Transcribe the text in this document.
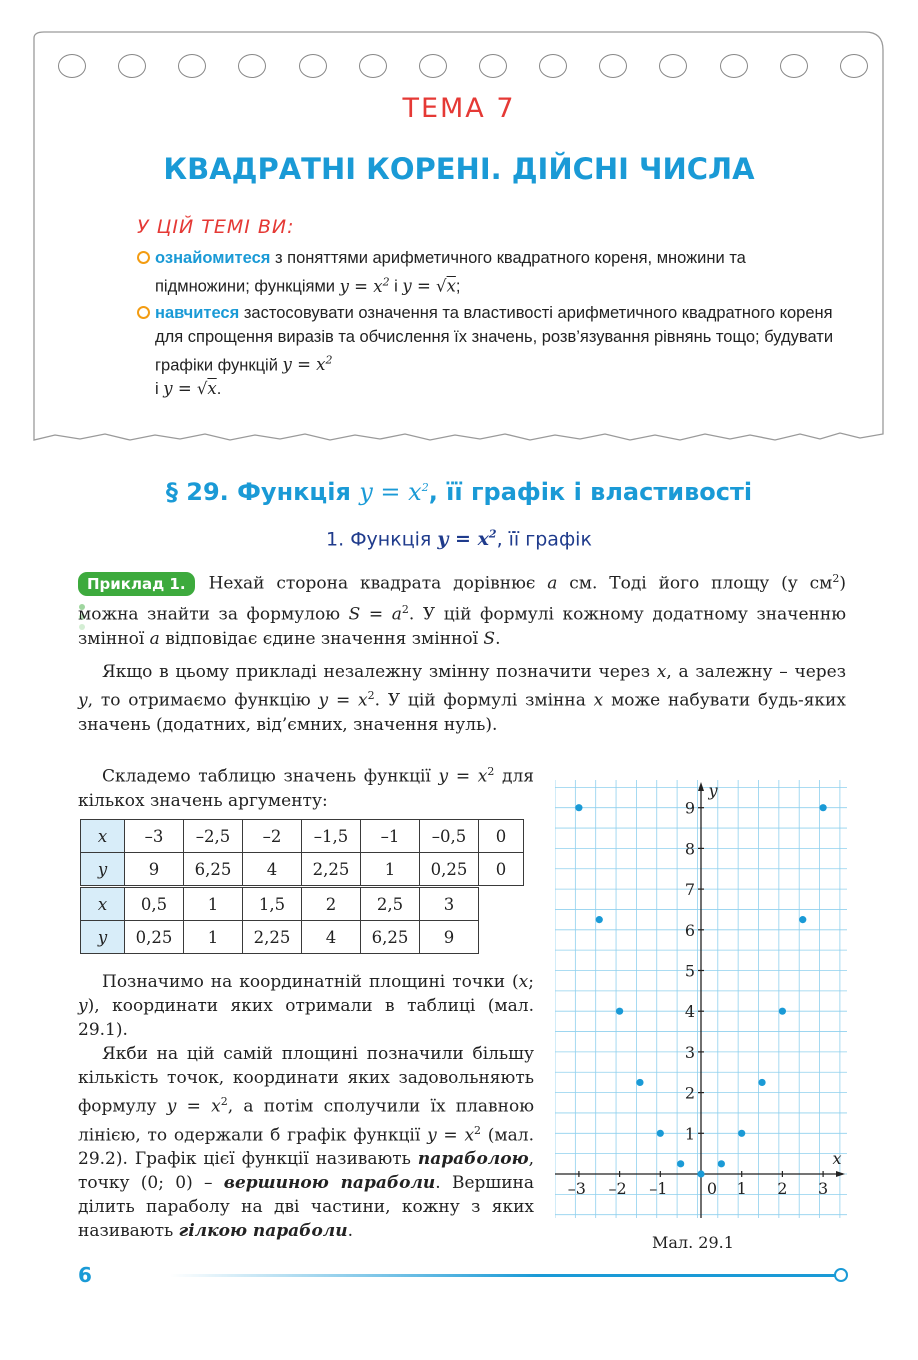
ТЕМА 7
КВАДРАТНІ КОРЕНІ. ДІЙСНІ ЧИСЛА
У ЦІЙ ТЕМІ ВИ:
ознайомитеся з поняттями арифметичного квадратного кореня, множини та підмножини; функціями $y = x^2$ і y = √x;
навчитеся застосовувати означення та властивості арифметичного квадратного кореня для спрощення виразів та обчислення їх значень, розв’язування рівнянь тощо; будувати графіки функцій $y = x^2$
і y = √x.
§ 29. Функція $y = x^2$, її графік і властивості
1. Функція $y = x^2$, її графік
Приклад 1. Нехай сторона квадрата дорівнює a см. Тоді його площу (у $см^2$) можна знайти за формулою $S = a^2$. У цій формулі кожному додатному значенню змінної a відповідає єдине значення змінної S.
Якщо в цьому прикладі незалежну змінну позначити через x, а залежну – через y, то отримаємо функцію $y = x^2$. У цій формулі змінна x може набувати будь-яких значень (додатних, від’ємних, значення нуль).
Складемо таблицю значень функції $y = x^2$ для кількох значень аргументу:
x	–3	–2,5	–2	–1,5	–1	–0,5	0
y	9	6,25	4	2,25	1	0,25	0
x	0,5	1	1,5	2	2,5	3
y	0,25	1	2,25	4	6,25	9
Позначимо на координатній площині точки (x; y), координати яких отримали в таблиці (мал. 29.1).
Якби на цій самій площині позначили більшу кількість точок, координати яких задовольняють формулу $y = x^2$, а потім сполучили їх плавною лінією, то одержали б графік функції $y = x^2$ (мал. 29.2). Графік цієї функції називають параболою, точку (0; 0) – вершиною параболи. Вершина ділить параболу на дві частини, кожну з яких називають гілкою параболи.
–3 –2 –1 0 1 2 3
1
2
3
4
5
6
7
8
9
x
y
Мал. 29.1
6
